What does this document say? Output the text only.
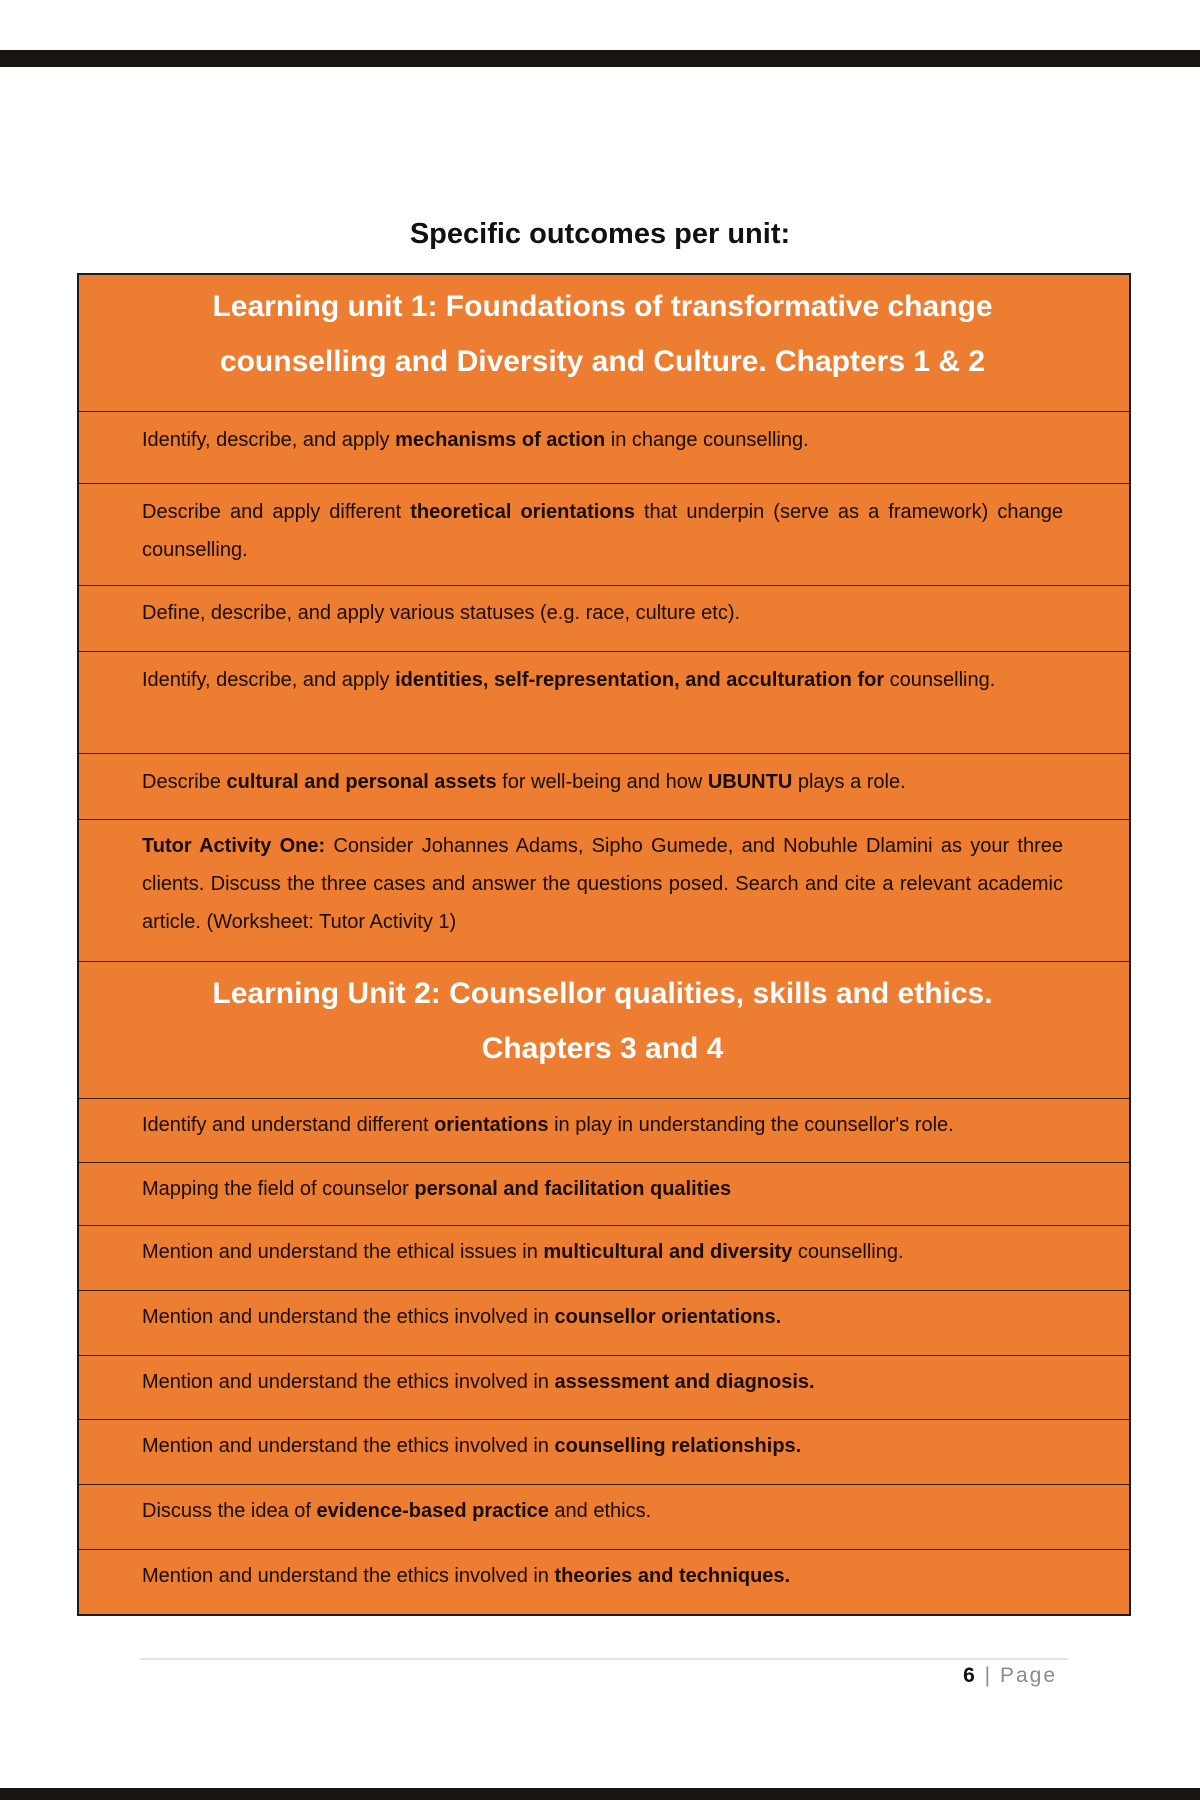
Specific outcomes per unit:
Learning unit 1: Foundations of transformative change
counselling and Diversity and Culture. Chapters 1 & 2

Identify, describe, and apply mechanisms of action in change counselling.
Describe and apply different theoretical orientations that underpin (serve as a framework) change counselling.
Define, describe, and apply various statuses (e.g. race, culture etc).
Identify, describe, and apply identities, self-representation, and acculturation for counselling.
Describe cultural and personal assets for well-being and how UBUNTU plays a role.
Tutor Activity One: Consider Johannes Adams, Sipho Gumede, and Nobuhle Dlamini as your three clients. Discuss the three cases and answer the questions posed. Search and cite a relevant academic article. (Worksheet: Tutor Activity 1)

Learning Unit 2: Counsellor qualities, skills and ethics.
Chapters 3 and 4

Identify and understand different orientations in play in understanding the counsellor's role.
Mapping the field of counselor personal and facilitation qualities
Mention and understand the ethical issues in multicultural and diversity counselling.
Mention and understand the ethics involved in counsellor orientations.
Mention and understand the ethics involved in assessment and diagnosis.
Mention and understand the ethics involved in counselling relationships.
Discuss the idea of evidence-based practice and ethics.
Mention and understand the ethics involved in theories and techniques.
6 | Page
